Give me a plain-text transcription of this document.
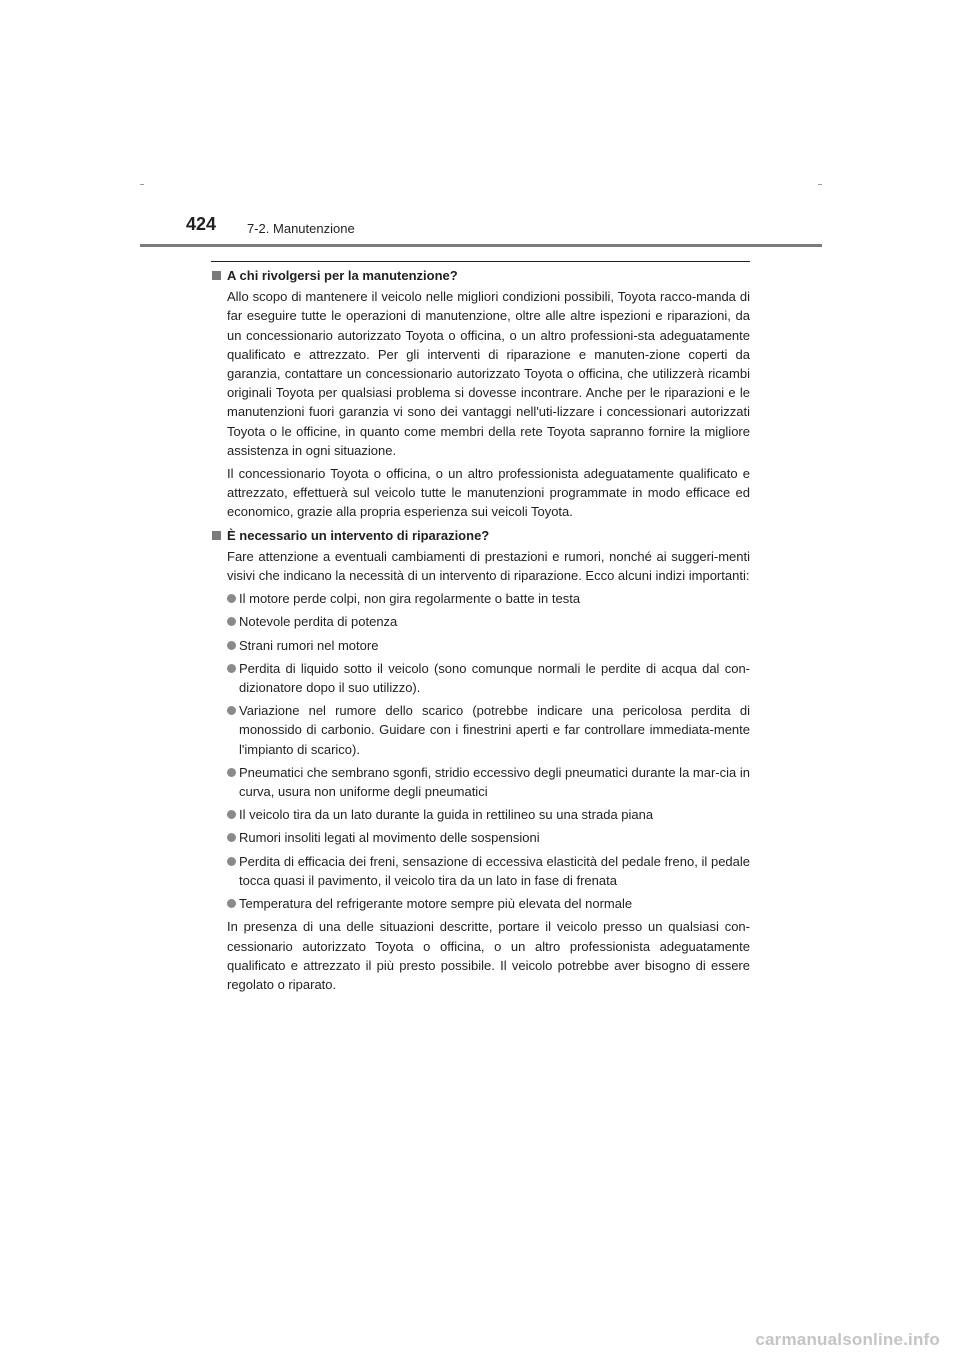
424 7-2. Manutenzione
A chi rivolgersi per la manutenzione?

Allo scopo di mantenere il veicolo nelle migliori condizioni possibili, Toyota racco-manda di far eseguire tutte le operazioni di manutenzione, oltre alle altre ispezioni e riparazioni, da un concessionario autorizzato Toyota o officina, o un altro professioni-sta adeguatamente qualificato e attrezzato. Per gli interventi di riparazione e manuten-zione coperti da garanzia, contattare un concessionario autorizzato Toyota o officina, che utilizzerà ricambi originali Toyota per qualsiasi problema si dovesse incontrare. Anche per le riparazioni e le manutenzioni fuori garanzia vi sono dei vantaggi nell'uti-lizzare i concessionari autorizzati Toyota o le officine, in quanto come membri della rete Toyota sapranno fornire la migliore assistenza in ogni situazione.

Il concessionario Toyota o officina, o un altro professionista adeguatamente qualificato e attrezzato, effettuerà sul veicolo tutte le manutenzioni programmate in modo efficace ed economico, grazie alla propria esperienza sui veicoli Toyota.

È necessario un intervento di riparazione?

Fare attenzione a eventuali cambiamenti di prestazioni e rumori, nonché ai suggeri-menti visivi che indicano la necessità di un intervento di riparazione. Ecco alcuni indizi importanti:

Il motore perde colpi, non gira regolarmente o batte in testa
Notevole perdita di potenza
Strani rumori nel motore
Perdita di liquido sotto il veicolo (sono comunque normali le perdite di acqua dal con-dizionatore dopo il suo utilizzo).
Variazione nel rumore dello scarico (potrebbe indicare una pericolosa perdita di monossido di carbonio. Guidare con i finestrini aperti e far controllare immediata-mente l'impianto di scarico).
Pneumatici che sembrano sgonfi, stridio eccessivo degli pneumatici durante la mar-cia in curva, usura non uniforme degli pneumatici
Il veicolo tira da un lato durante la guida in rettilineo su una strada piana
Rumori insoliti legati al movimento delle sospensioni
Perdita di efficacia dei freni, sensazione di eccessiva elasticità del pedale freno, il pedale tocca quasi il pavimento, il veicolo tira da un lato in fase di frenata
Temperatura del refrigerante motore sempre più elevata del normale

In presenza di una delle situazioni descritte, portare il veicolo presso un qualsiasi con-cessionario autorizzato Toyota o officina, o un altro professionista adeguatamente qualificato e attrezzato il più presto possibile. Il veicolo potrebbe aver bisogno di essere regolato o riparato.

carmanualsonline.info
